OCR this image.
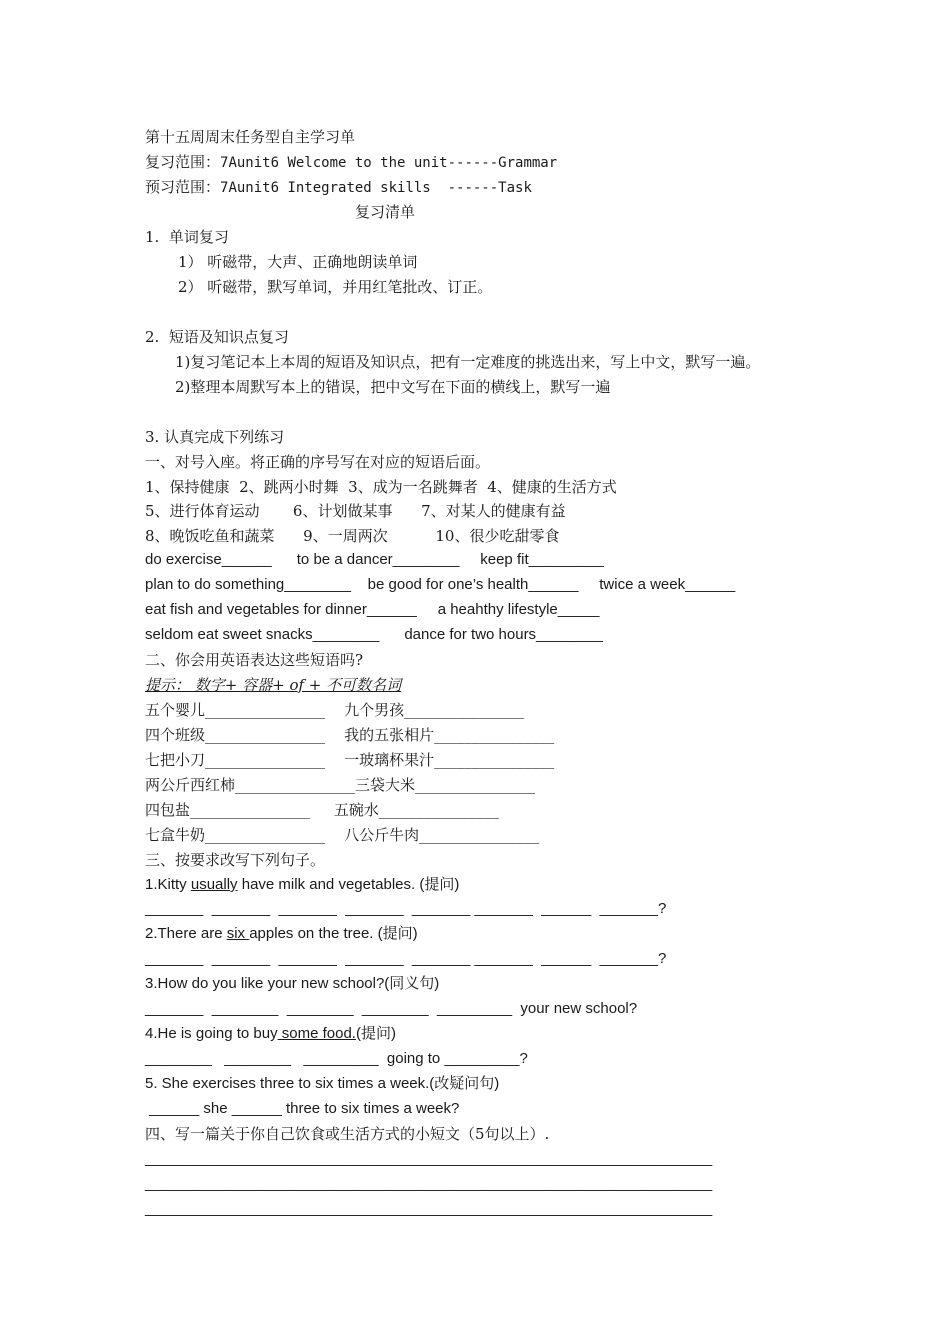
第十五周周末任务型自主学习单
复习范围：7Aunit6 Welcome to the unit------Grammar
预习范围：7Aunit6 Integrated skills  ------Task
复习清单
1.  单词复习
1） 听磁带，大声、正确地朗读单词
2） 听磁带，默写单词，并用红笔批改、订正。
2.  短语及知识点复习
1)复习笔记本上本周的短语及知识点，把有一定难度的挑选出来，写上中文，默写一遍。
2)整理本周默写本上的错误，把中文写在下面的横线上，默写一遍
3. 认真完成下列练习
一、对号入座。将正确的序号写在对应的短语后面。
1、保持健康  2、跳两小时舞  3、成为一名跳舞者  4、健康的生活方式
5、进行体育运动       6、计划做某事      7、对某人的健康有益
8、晚饭吃鱼和蔬菜      9、一周两次          10、很少吃甜零食
do exercise______      to be a dancer________     keep fit_________
plan to do something________    be good for one’s health______     twice a week______
eat fish and vegetables for dinner______     a heahthy lifestyle_____
seldom eat sweet snacks________      dance for two hours________
二、你会用英语表达这些短语吗?
提示： 数字+ 容器+ of + 不可数名词
五个婴儿________________    九个男孩________________
四个班级________________    我的五张相片________________
七把小刀________________    一玻璃杯果汁________________
两公斤西红柿________________三袋大米________________
四包盐________________     五碗水________________
七盒牛奶________________    八公斤牛肉________________
三、按要求改写下列句子。
1.Kitty usually have milk and vegetables. (提问)
_______  _______  _______  _______  _______ _______  ______  _______?
2.There are six apples on the tree. (提问)
_______  _______  _______  _______  _______ _______  ______  _______?
3.How do you like your new school?(同义句)
_______  ________  ________  ________  _________  your new school?
4.He is going to buy some food.(提问)
________   ________   _________  going to _________?
5. She exercises three to six times a week.(改疑问句)
______ she ______ three to six times a week?
四、写一篇关于你自己饮食或生活方式的小短文（5句以上）.
____________________________________________________________________
____________________________________________________________________
____________________________________________________________________
